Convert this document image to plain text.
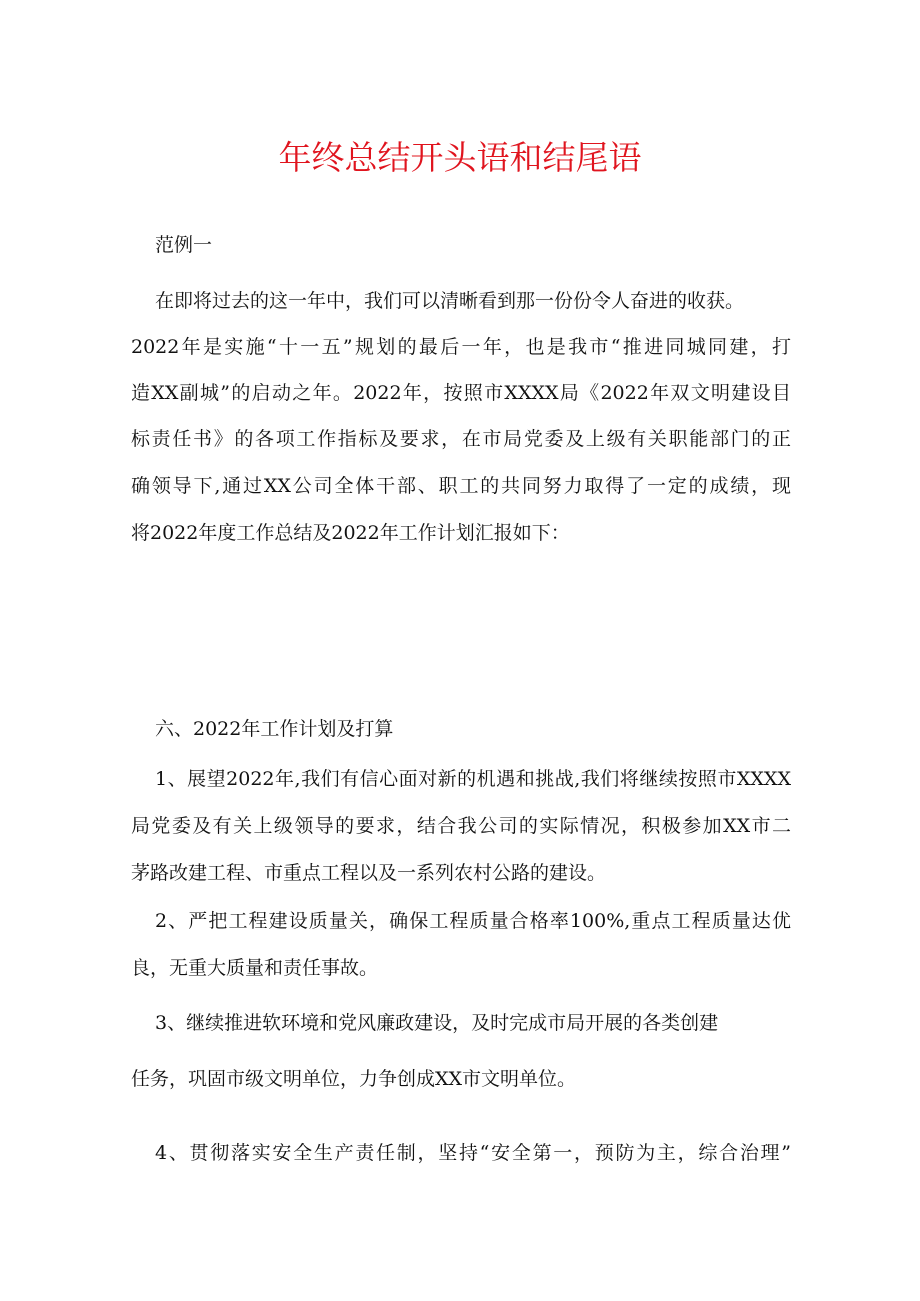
年终总结开头语和结尾语
范例一
在即将过去的这一年中，我们可以清晰看到那一份份令人奋进的收获。
2022年是实施“十一五”规划的最后一年，也是我市“推进同城同建，打
造XX副城”的启动之年。2022年，按照市XXXX局《2022年双文明建设目
标责任书》的各项工作指标及要求，在市局党委及上级有关职能部门的正
确领导下,通过XX公司全体干部、职工的共同努力取得了一定的成绩，现
将2022年度工作总结及2022年工作计划汇报如下：
六、2022年工作计划及打算
1、展望2022年,我们有信心面对新的机遇和挑战,我们将继续按照市XXXX
局党委及有关上级领导的要求，结合我公司的实际情况，积极参加XX市二
茅路改建工程、市重点工程以及一系列农村公路的建设。
2、严把工程建设质量关，确保工程质量合格率100%,重点工程质量达优
良，无重大质量和责任事故。
3、继续推进软环境和党风廉政建设，及时完成市局开展的各类创建
任务，巩固市级文明单位，力争创成XX市文明单位。
4、贯彻落实安全生产责任制，坚持“安全第一，预防为主，综合治理”
